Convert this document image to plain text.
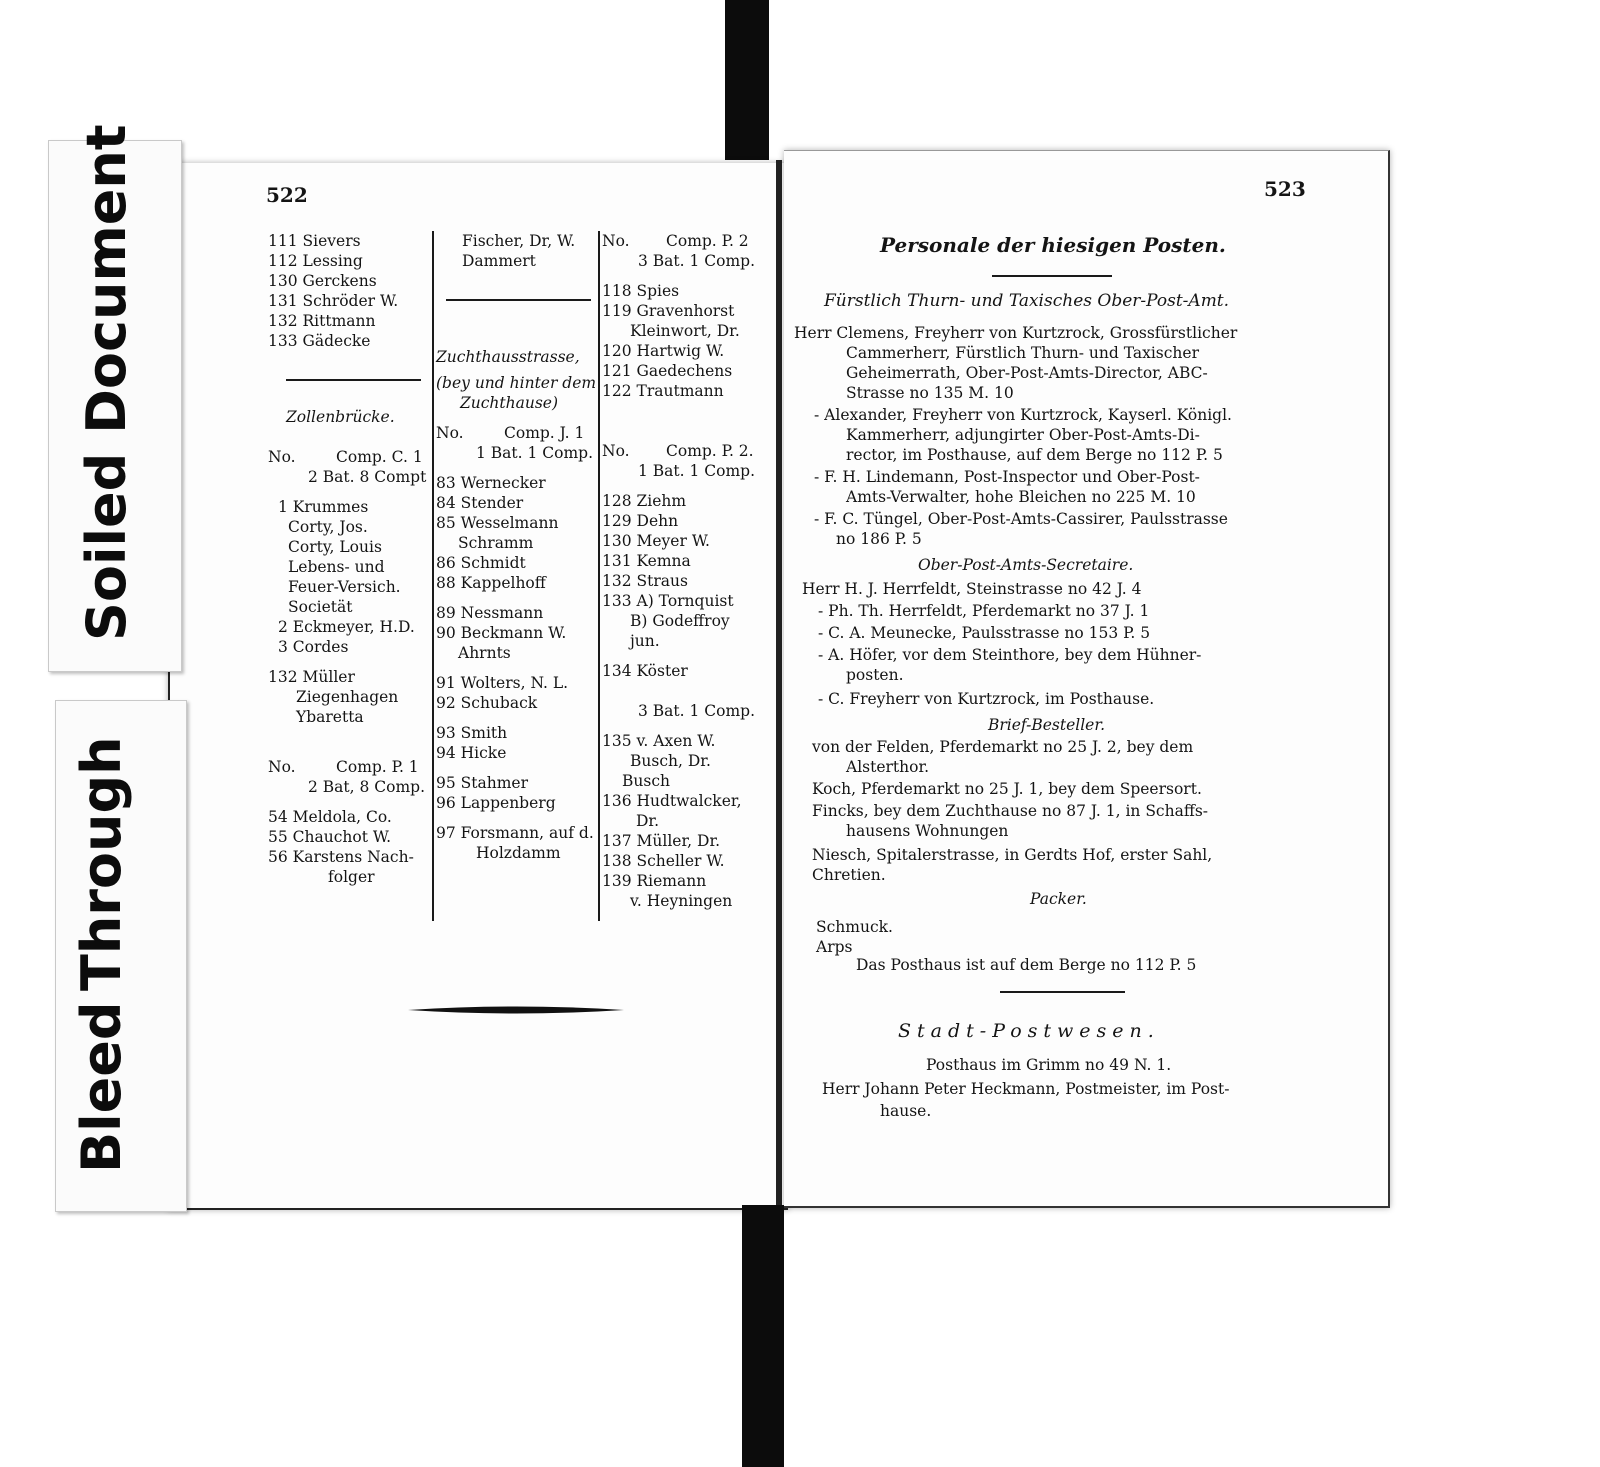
522
111 Sievers
112 Lessing
130 Gerckens
131 Schröder W.
132 Rittmann
133 Gädecke
Zollenbrücke.
No.	Comp. C. 1
2 Bat. 8 Compt
1 Krummes
Corty, Jos.
Corty, Louis
Lebens- und
Feuer-Versich.
Societät
2 Eckmeyer, H.D.
3 Cordes
132 Müller
Ziegenhagen
Ybaretta
No.	Comp. P. 1
2 Bat, 8 Comp.
54 Meldola, Co.
55 Chauchot W.
56 Karstens Nach-
folger
Fischer, Dr, W.
Dammert
Zuchthausstrasse,
(bey und hinter dem
Zuchthause)
No.	Comp. J. 1
1 Bat. 1 Comp.
83 Wernecker
84 Stender
85 Wesselmann
Schramm
86 Schmidt
88 Kappelhoff
89 Nessmann
90 Beckmann W.
Ahrnts
91 Wolters, N. L.
92 Schuback
93 Smith
94 Hicke
95 Stahmer
96 Lappenberg
97 Forsmann, auf d.
Holzdamm
No. Comp. P. 2
3 Bat. 1 Comp.
118 Spies
119 Gravenhorst
Kleinwort, Dr.
120 Hartwig W.
121 Gaedechens
122 Trautmann
No. Comp. P. 2.
1 Bat. 1 Comp.
128 Ziehm
129 Dehn
130 Meyer W.
131 Kemna
132 Straus
133 A) Tornquist
B) Godeffroy
jun.
134 Köster
3 Bat. 1 Comp.
135 v. Axen W.
Busch, Dr.
Busch
136 Hudtwalcker,
Dr.
137 Müller, Dr.
138 Scheller W.
139 Riemann
v. Heyningen
523
Personale der hiesigen Posten.
Fürstlich Thurn- und Taxisches Ober-Post-Amt.
Herr Clemens, Freyherr von Kurtzrock, Grossfürstlicher
Cammerherr, Fürstlich Thurn- und Taxischer
Geheimerrath, Ober-Post-Amts-Director, ABC-
Strasse no 135 M. 10
- Alexander, Freyherr von Kurtzrock, Kayserl. Königl.
Kammerherr, adjungirter Ober-Post-Amts-Di-
rector, im Posthause, auf dem Berge no 112 P. 5
- F. H. Lindemann, Post-Inspector und Ober-Post-
Amts-Verwalter, hohe Bleichen no 225 M. 10
- F. C. Tüngel, Ober-Post-Amts-Cassirer, Paulsstrasse
no 186 P. 5
Ober-Post-Amts-Secretaire.
Herr H. J. Herrfeldt, Steinstrasse no 42 J. 4
- Ph. Th. Herrfeldt, Pferdemarkt no 37 J. 1
- C. A. Meunecke, Paulsstrasse no 153 P. 5
- A. Höfer, vor dem Steinthore, bey dem Hühner-
posten.
- C. Freyherr von Kurtzrock, im Posthause.
Brief-Besteller.
von der Felden, Pferdemarkt no 25 J. 2, bey dem
Alsterthor.
Koch, Pferdemarkt no 25 J. 1, bey dem Speersort.
Fincks, bey dem Zuchthause no 87 J. 1, in Schaffs-
hausens Wohnungen
Niesch, Spitalerstrasse, in Gerdts Hof, erster Sahl,
Chretien.
Packer.
Schmuck.
Arps
Das Posthaus ist auf dem Berge no 112 P. 5
Stadt-Postwesen.
Posthaus im Grimm no 49 N. 1.
Herr Johann Peter Heckmann, Postmeister, im Post-
hause.
Soiled Document
Bleed
Through
